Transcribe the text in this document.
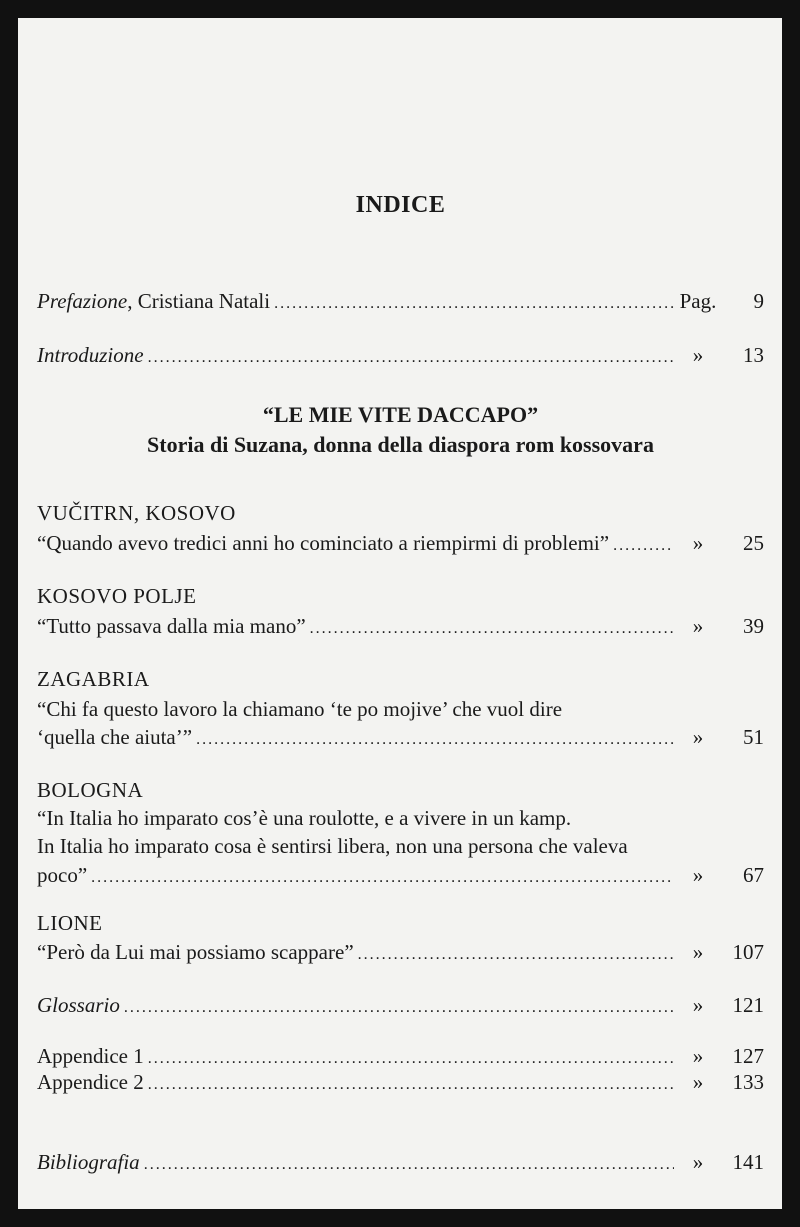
INDICE
Prefazione, Cristiana Natali . . .	Pag.	9
Introduzione . . .	»	13
“LE MIE VITE DACCAPO”
Storia di Suzana, donna della diaspora rom kossovara
VUČITRN, KOSOVO
“Quando avevo tredici anni ho cominciato a riempirmi di problemi” . . .	»	25
KOSOVO POLJE
“Tutto passava dalla mia mano” . . .	»	39
ZAGABRIA
“Chi fa questo lavoro la chiamano ‘te po mojive’ che vuol dire
‘quella che aiuta’” . . .	»	51
BOLOGNA
“In Italia ho imparato cos’è una roulotte, e a vivere in un kamp.
In Italia ho imparato cosa è sentirsi libera, non una persona che valeva
poco” . . .	»	67
LIONE
“Però da Lui mai possiamo scappare” . . .	»	107
Glossario . . .	»	121
Appendice 1 . . .	»	127
Appendice 2 . . .	»	133
Bibliografia . . .	»	141
